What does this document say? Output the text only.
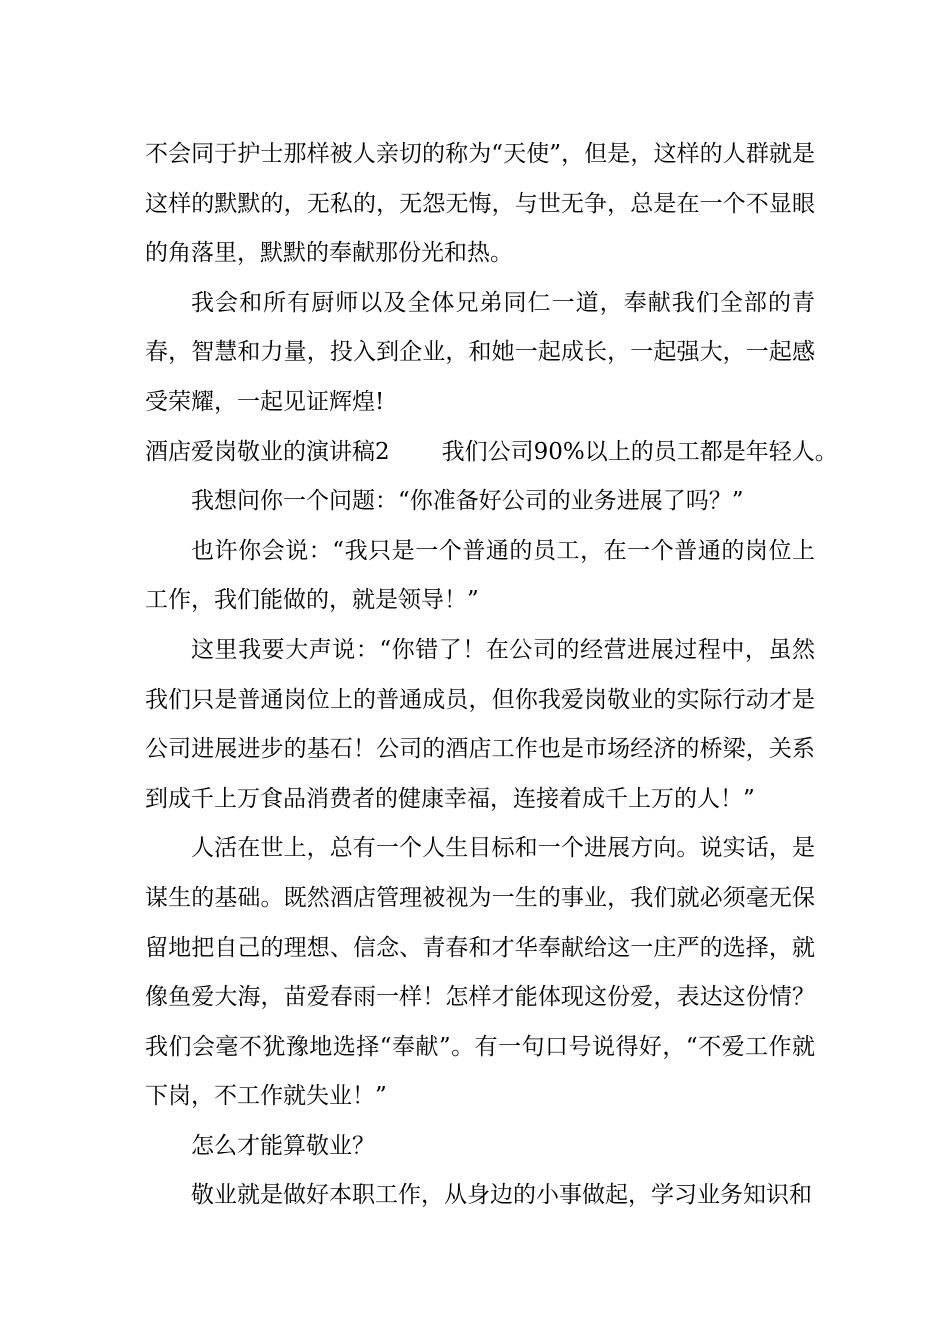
不会同于护士那样被人亲切的称为“天使”，但是，这样的人群就是这样的默默的，无私的，无怨无悔，与世无争，总是在一个不显眼的角落里，默默的奉献那份光和热。

我会和所有厨师以及全体兄弟同仁一道，奉献我们全部的青春，智慧和力量，投入到企业，和她一起成长，一起强大，一起感受荣耀，一起见证辉煌!

酒店爱岗敬业的演讲稿2 我们公司90%以上的员工都是年轻人。

我想问你一个问题：“你准备好公司的业务进展了吗？”

也许你会说：“我只是一个普通的员工，在一个普通的岗位上工作，我们能做的，就是领导！”

这里我要大声说：“你错了！在公司的经营进展过程中，虽然我们只是普通岗位上的普通成员，但你我爱岗敬业的实际行动才是公司进展进步的基石！公司的酒店工作也是市场经济的桥梁，关系到成千上万食品消费者的健康幸福，连接着成千上万的人！”

人活在世上，总有一个人生目标和一个进展方向。说实话，是谋生的基础。既然酒店管理被视为一生的事业，我们就必须毫无保留地把自己的理想、信念、青春和才华奉献给这一庄严的选择，就像鱼爱大海，苗爱春雨一样！怎样才能体现这份爱，表达这份情？我们会毫不犹豫地选择“奉献”。有一句口号说得好，“不爱工作就下岗，不工作就失业！”

怎么才能算敬业？

敬业就是做好本职工作，从身边的小事做起，学习业务知识和
